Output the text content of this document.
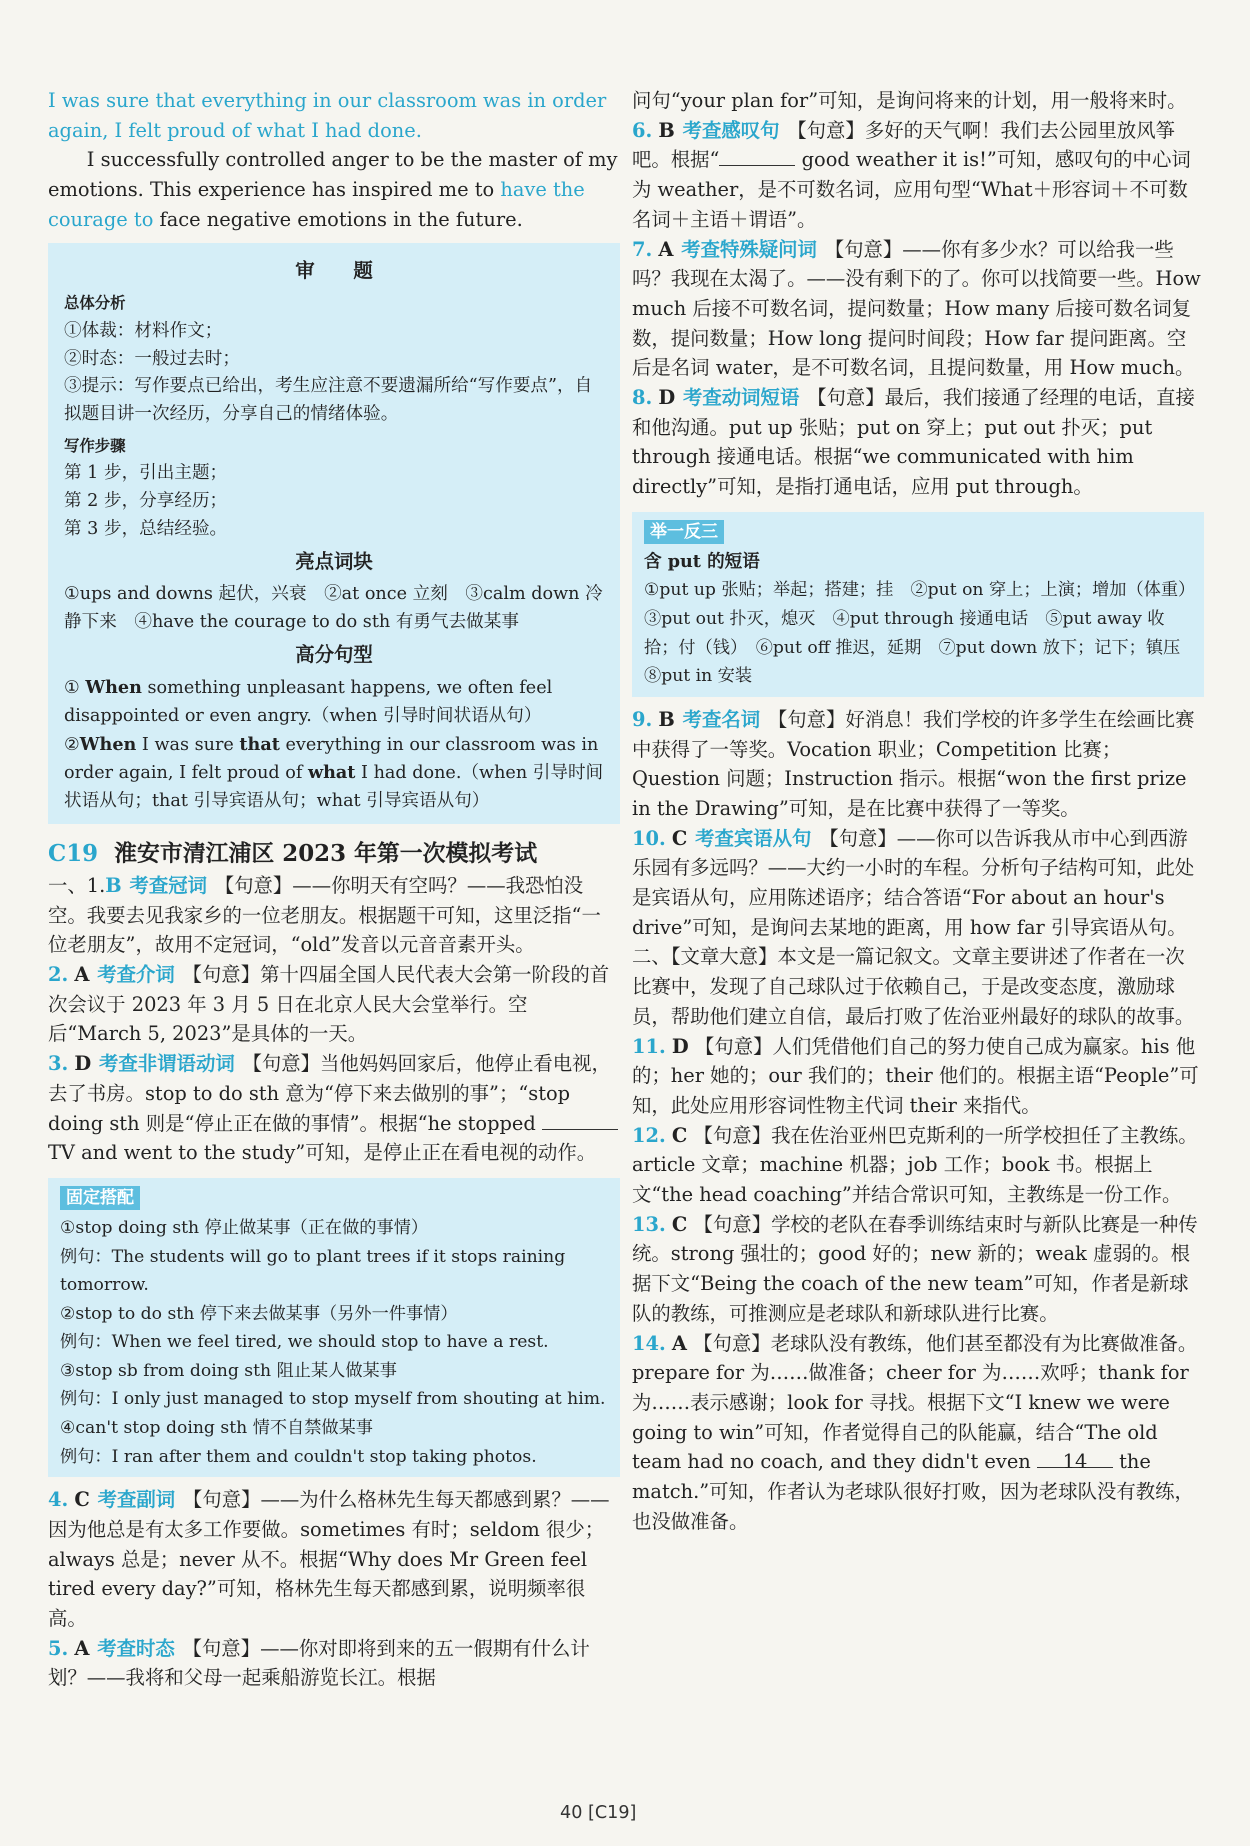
I was sure that everything in our classroom was in order again, I felt proud of what I had done.

I successfully controlled anger to be the master of my emotions. This experience has inspired me to have the courage to face negative emotions in the future.

审　　题
总体分析
①体裁：材料作文；
②时态：一般过去时；
③提示：写作要点已给出，考生应注意不要遗漏所给“写作要点”，自拟题目讲一次经历，分享自己的情绪体验。
写作步骤
第 1 步，引出主题；
第 2 步，分享经历；
第 3 步，总结经验。
亮点词块
①ups and downs 起伏，兴衰　②at once 立刻　③calm down 冷静下来　④have the courage to do sth 有勇气去做某事
高分句型
① When something unpleasant happens, we often feel disappointed or even angry.（when 引导时间状语从句）
②When I was sure that everything in our classroom was in order again, I felt proud of what I had done.（when 引导时间状语从句；that 引导宾语从句；what 引导宾语从句）
C19 淮安市清江浦区 2023 年第一次模拟考试

一、1.B 考查冠词 【句意】——你明天有空吗？——我恐怕没空。我要去见我家乡的一位老朋友。根据题干可知，这里泛指“一位老朋友”，故用不定冠词，“old”发音以元音音素开头。

2. A 考查介词 【句意】第十四届全国人民代表大会第一阶段的首次会议于 2023 年 3 月 5 日在北京人民大会堂举行。空后“March 5, 2023”是具体的一天。

3. D 考查非谓语动词 【句意】当他妈妈回家后，他停止看电视，去了书房。stop to do sth 意为“停下来去做别的事”；“stop doing sth 则是“停止正在做的事情”。根据“he stopped  TV and went to the study”可知，是停止正在看电视的动作。

固定搭配
①stop doing sth 停止做某事（正在做的事情）
例句：The students will go to plant trees if it stops raining tomorrow.
②stop to do sth 停下来去做某事（另外一件事情）
例句：When we feel tired, we should stop to have a rest.
③stop sb from doing sth 阻止某人做某事
例句：I only just managed to stop myself from shouting at him.
④can't stop doing sth 情不自禁做某事
例句：I ran after them and couldn't stop taking photos.

4. C 考查副词 【句意】——为什么格林先生每天都感到累？——因为他总是有太多工作要做。sometimes 有时；seldom 很少；always 总是；never 从不。根据“Why does Mr Green feel tired every day?”可知，格林先生每天都感到累，说明频率很高。

5. A 考查时态 【句意】——你对即将到来的五一假期有什么计划？——我将和父母一起乘船游览长江。根据

问句“your plan for”可知，是询问将来的计划，用一般将来时。

6. B 考查感叹句 【句意】多好的天气啊！我们去公园里放风筝吧。根据“	good weather it is!”可知，感叹句的中心词为 weather，是不可数名词，应用句型“What＋形容词＋不可数名词＋主语＋谓语”。

7. A 考查特殊疑问词 【句意】——你有多少水？可以给我一些吗？我现在太渴了。——没有剩下的了。你可以找简要一些。How much 后接不可数名词，提问数量；How many 后接可数名词复数，提问数量；How long 提问时间段；How far 提问距离。空后是名词 water，是不可数名词，且提问数量，用 How much。

8. D 考查动词短语 【句意】最后，我们接通了经理的电话，直接和他沟通。put up 张贴；put on 穿上；put out 扑灭；put through 接通电话。根据“we communicated with him directly”可知，是指打通电话，应用 put through。

举一反三
含 put 的短语
①put up 张贴；举起；搭建；挂　②put on 穿上；上演；增加（体重）　③put out 扑灭，熄灭　④put through 接通电话　⑤put away 收拾；付（钱）　⑥put off 推迟，延期　⑦put down 放下；记下；镇压　⑧put in 安装

9. B 考查名词 【句意】好消息！我们学校的许多学生在绘画比赛中获得了一等奖。Vocation 职业；Competition 比赛；Question 问题；Instruction 指示。根据“won the first prize in the Drawing”可知，是在比赛中获得了一等奖。

10. C 考查宾语从句 【句意】——你可以告诉我从市中心到西游乐园有多远吗？——大约一小时的车程。分析句子结构可知，此处是宾语从句，应用陈述语序；结合答语“For about an hour's drive”可知，是询问去某地的距离，用 how far 引导宾语从句。

二、【文章大意】本文是一篇记叙文。文章主要讲述了作者在一次比赛中，发现了自己球队过于依赖自己，于是改变态度，激励球员，帮助他们建立自信，最后打败了佐治亚州最好的球队的故事。

11. D 【句意】人们凭借他们自己的努力使自己成为赢家。his 他的；her 她的；our 我们的；their 他们的。根据主语“People”可知，此处应用形容词性物主代词 their 来指代。

12. C 【句意】我在佐治亚州巴克斯利的一所学校担任了主教练。article 文章；machine 机器；job 工作；book 书。根据上文“the head coaching”并结合常识可知，主教练是一份工作。

13. C 【句意】学校的老队在春季训练结束时与新队比赛是一种传统。strong 强壮的；good 好的；new 新的；weak 虚弱的。根据下文“Being the coach of the new team”可知，作者是新球队的教练，可推测应是老球队和新球队进行比赛。

14. A 【句意】老球队没有教练，他们甚至都没有为比赛做准备。prepare for 为……做准备；cheer for 为……欢呼；thank for 为……表示感谢；look for 寻找。根据下文“I knew we were going to win”可知，作者觉得自己的队能赢，结合“The old team had no coach, and they didn't even 14 the match.”可知，作者认为老球队很好打败，因为老球队没有教练，也没做准备。

40 [C19]
